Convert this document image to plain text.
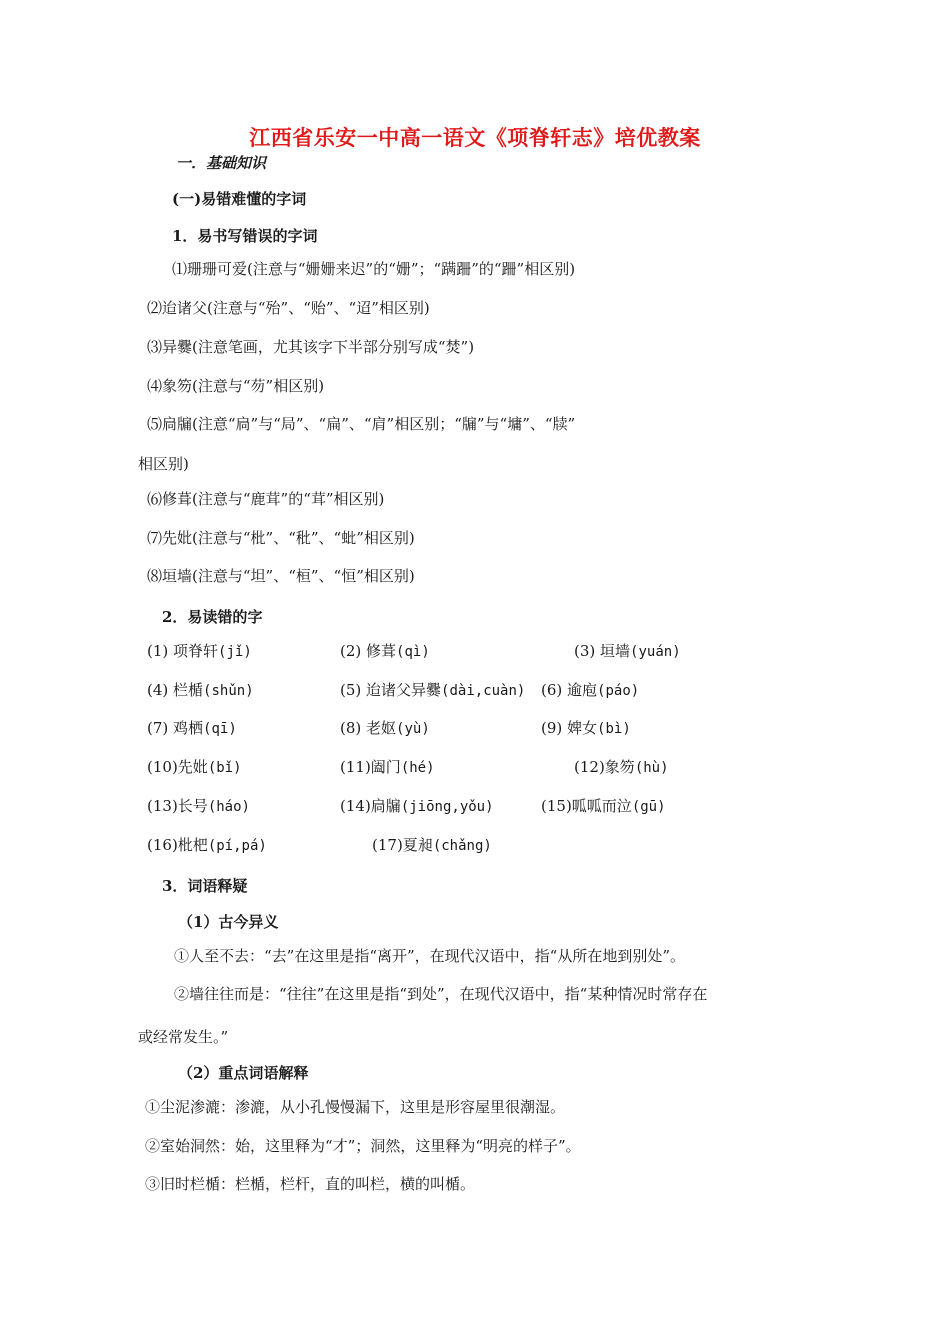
江西省乐安一中高一语文《项脊轩志》培优教案
一．基础知识
(一)易错难懂的字词
1．易书写错误的字词
⑴珊珊可爱(注意与“姗姗来迟”的“姗”；“蹒跚”的“跚”相区别)
⑵迨诸父(注意与“殆”、“贻”、“迢”相区别)
⑶异爨(注意笔画，尤其该字下半部分别写成“焚”)
⑷象笏(注意与“芴”相区别)
⑸扃牖(注意“扃”与“局”、“扁”、“肩”相区别；“牖”与“墉”、“牍”
相区别)
⑹修葺(注意与“鹿茸”的“茸”相区别)
⑺先妣(注意与“枇”、“秕”、“蚍”相区别)
⑻垣墙(注意与“坦”、“桓”、“恒”相区别)
2．易读错的字
(1) 项脊轩(jǐ)	(2) 修葺(qì)	(3) 垣墙(yuán)
(4) 栏楯(shǔn)	(5) 迨诸父异爨(dài,cuàn) (6) 逾庖(páo)
(7) 鸡栖(qī)	(8) 老妪(yù)	(9) 婢女(bì)
(10)先妣(bǐ)	(11)阖门(hé)	(12)象笏(hù)
(13)长号(háo)	(14)扃牖(jiōng,yǒu)	(15)呱呱而泣(gū)
(16)枇杷(pí,pá)	(17)夏昶(chǎng)
3．词语释疑
（1）古今异义
①人至不去：“去”在这里是指“离开”，在现代汉语中，指“从所在地到别处”。
②墙往往而是：“往往”在这里是指“到处”，在现代汉语中，指“某种情况时常存在
或经常发生。”
（2）重点词语解释
①尘泥渗漉：渗漉，从小孔慢慢漏下，这里是形容屋里很潮湿。
②室始洞然：始，这里释为“才”；洞然，这里释为“明亮的样子”。
③旧时栏楯：栏楯，栏杆，直的叫栏，横的叫楯。
